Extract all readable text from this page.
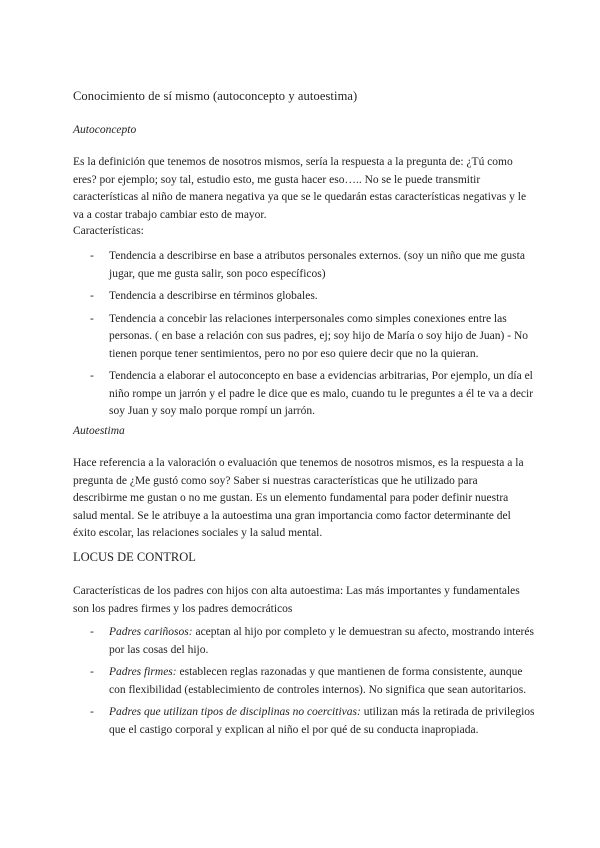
Conocimiento de sí mismo (autoconcepto y autoestima)

Autoconcepto

Es la definición que tenemos de nosotros mismos, sería la respuesta a la pregunta de: ¿Tú como eres? por ejemplo; soy tal, estudio esto, me gusta hacer eso….. No se le puede transmitir características al niño de manera negativa ya que se le quedarán estas características negativas y le va a costar trabajo cambiar esto de mayor.

Características:

- Tendencia a describirse en base a atributos personales externos. (soy un niño que me gusta jugar, que me gusta salir, son poco específicos)
- Tendencia a describirse en términos globales.
- Tendencia a concebir las relaciones interpersonales como simples conexiones entre las personas. ( en base a relación con sus padres, ej; soy hijo de María o soy hijo de Juan) - No tienen porque tener sentimientos, pero no por eso quiere decir que no la quieran.
- Tendencia a elaborar el autoconcepto en base a evidencias arbitrarias, Por ejemplo, un día el niño rompe un jarrón y el padre le dice que es malo, cuando tu le preguntes a él te va a decir soy Juan y soy malo porque rompí un jarrón.

Autoestima

Hace referencia a la valoración o evaluación que tenemos de nosotros mismos, es la respuesta a la pregunta de ¿Me gustó como soy? Saber si nuestras características que he utilizado para describirme me gustan o no me gustan. Es un elemento fundamental para poder definir nuestra salud mental. Se le atribuye a la autoestima una gran importancia como factor determinante del éxito escolar, las relaciones sociales y la salud mental.

LOCUS DE CONTROL

Características de los padres con hijos con alta autoestima: Las más importantes y fundamentales son los padres firmes y los padres democráticos

- Padres cariñosos: aceptan al hijo por completo y le demuestran su afecto, mostrando interés por las cosas del hijo.
- Padres firmes: establecen reglas razonadas y que mantienen de forma consistente, aunque con flexibilidad (establecimiento de controles internos). No significa que sean autoritarios.
- Padres que utilizan tipos de disciplinas no coercitivas: utilizan más la retirada de privilegios que el castigo corporal y explican al niño el por qué de su conducta inapropiada.
